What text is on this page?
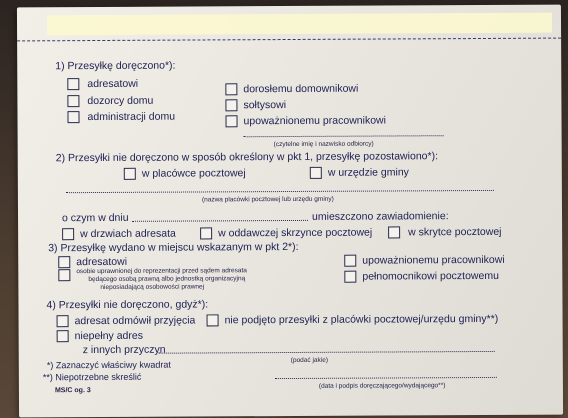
1) Przesyłkę doręczono*):
adresatowi
dozorcy domu
administracji domu
dorosłemu domownikowi
sołtysowi
upoważnionemu pracownikowi
(czytelne imię i nazwisko odbiorcy)
2) Przesyłki nie doręczono w sposób określony w pkt 1, przesyłkę pozostawiono*):
w placówce pocztowej	w urzędzie gminy
(nazwa placówki pocztowej lub urzędu gminy)
o czym w dniu	umieszczono zawiadomienie:
w drzwiach adresata	w oddawczej skrzynce pocztowej	w skrytce pocztowej
3) Przesyłkę wydano w miejscu wskazanym w pkt 2*):
adresatowi
osobie uprawnionej do reprezentacji przed sądem adresata
będącego osobą prawną albo jednostką organizacyjną
nieposiadającą osobowości prawnej
upoważnionemu pracownikowi
pełnomocnikowi pocztowemu
4) Przesyłki nie doręczono, gdyż*):
adresat odmówił przyjęcia	nie podjęto przesyłki z placówki pocztowej/urzędu gminy**)
niepełny adres
z innych przyczyn
(podać jakie)
*) Zaznaczyć właściwy kwadrat
**) Niepotrzebne skreślić
MS/C og. 3
(data i podpis doręczającego/wydającego**)
